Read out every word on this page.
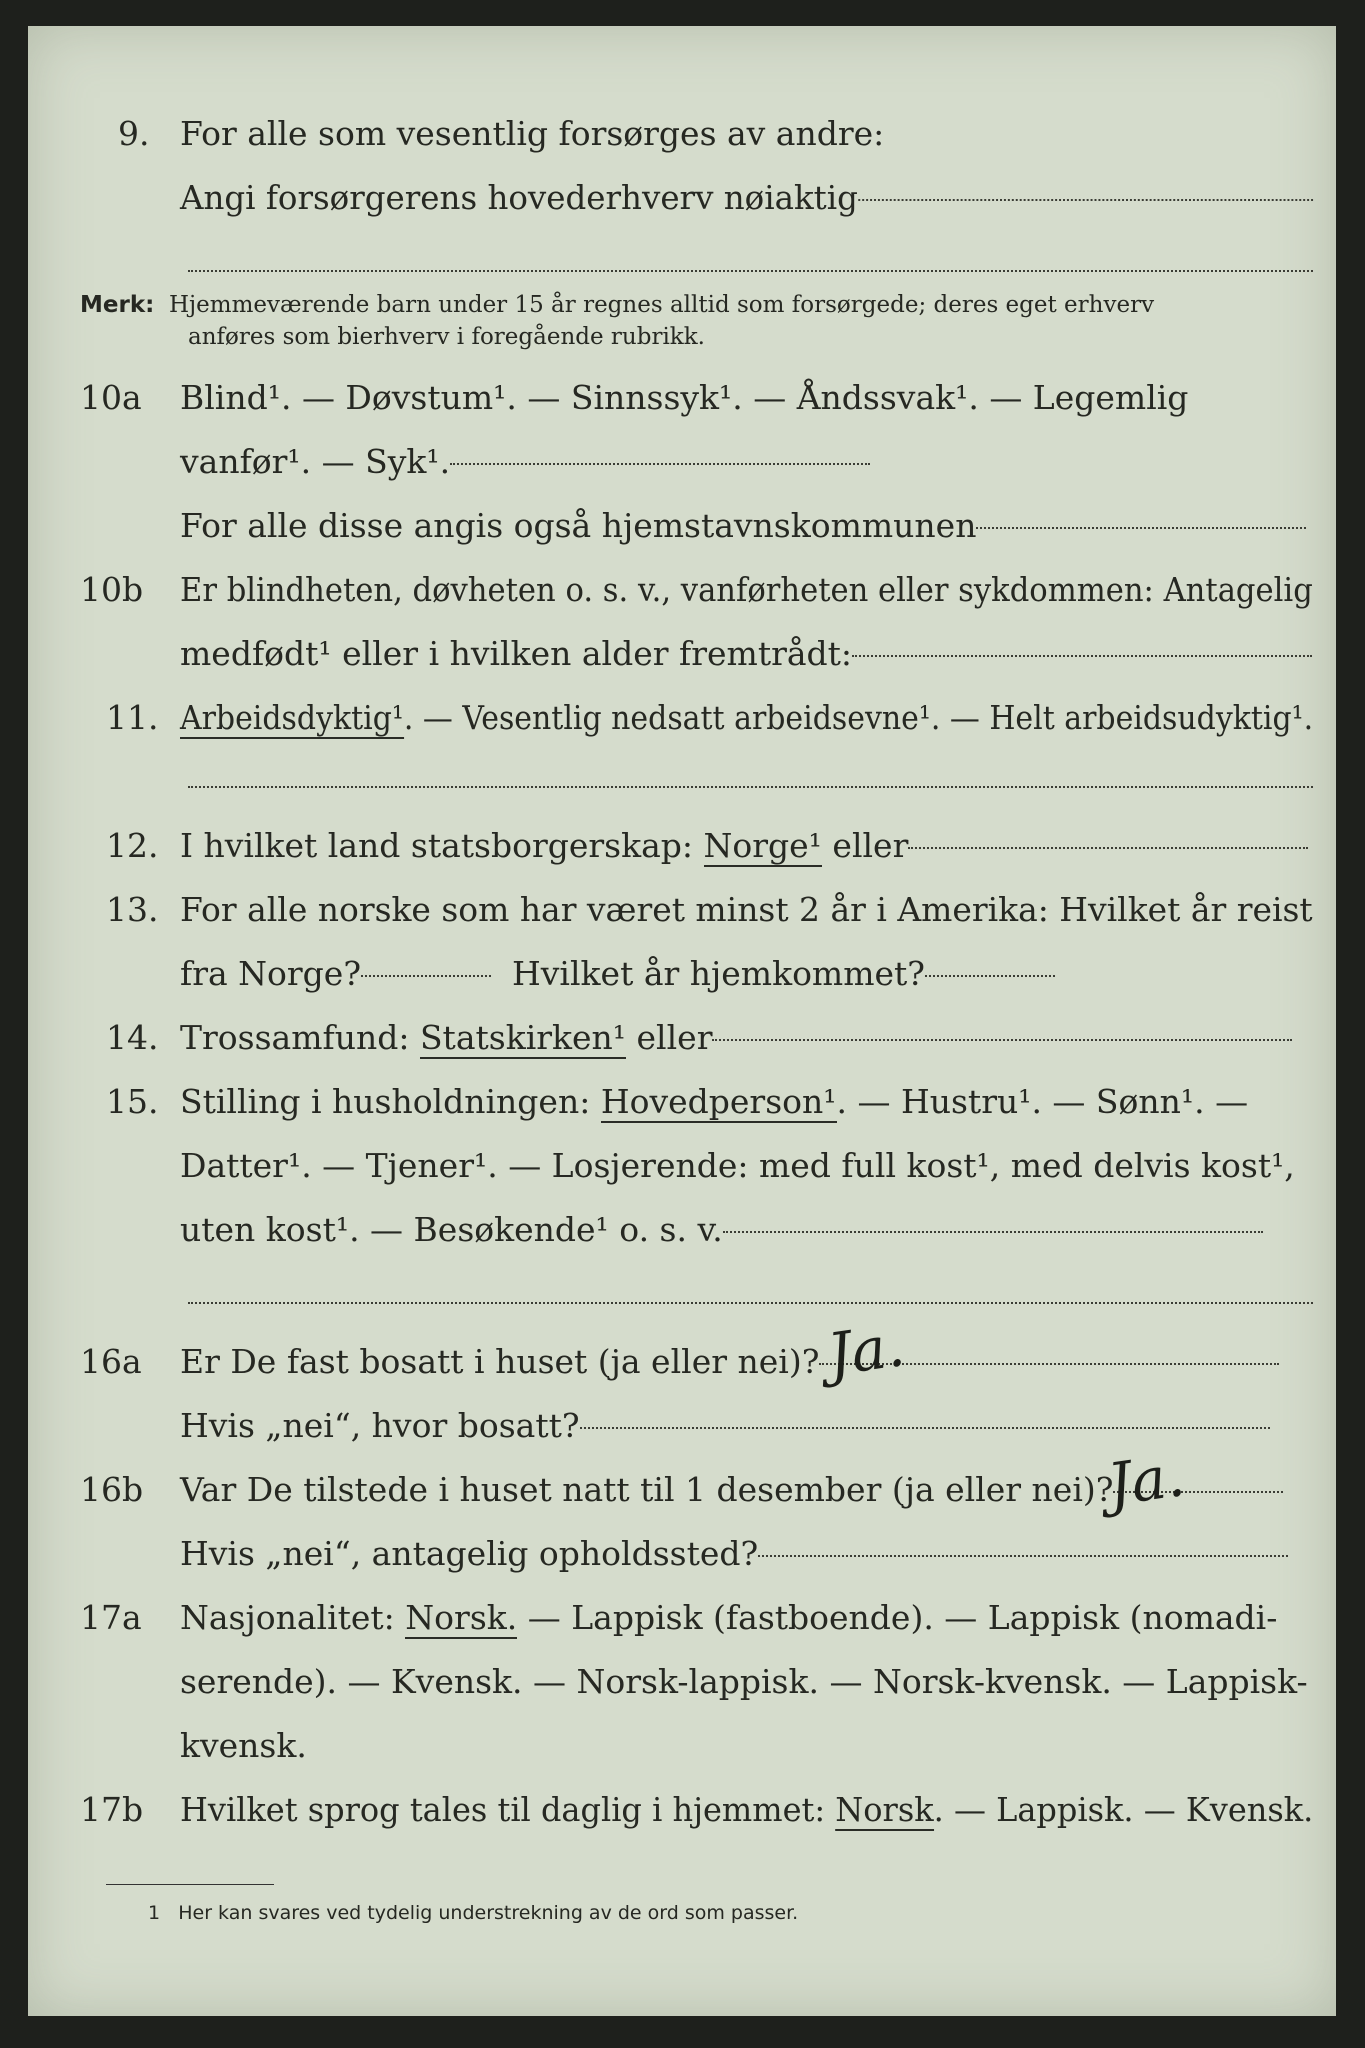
9. For alle som vesentlig forsørges av andre:
Angi forsørgerens hovederhverv nøiaktig
Merk: Hjemmeværende barn under 15 år regnes alltid som forsørgede; deres eget erhverv
anføres som bierhverv i foregående rubrikk.
10a Blind¹. — Døvstum¹. — Sinnssyk¹. — Åndssvak¹. — Legemlig
vanfør¹. — Syk¹.
For alle disse angis også hjemstavnskommunen
10b Er blindheten, døvheten o. s. v., vanførheten eller sykdommen: Antagelig
medfødt¹ eller i hvilken alder fremtrådt:
11. Arbeidsdyktig¹. — Vesentlig nedsatt arbeidsevne¹. — Helt arbeidsudyktig¹.
12. I hvilket land statsborgerskap: Norge¹ eller
13. For alle norske som har været minst 2 år i Amerika: Hvilket år reist
fra Norge?	Hvilket år hjemkommet?
14. Trossamfund: Statskirken¹ eller
15. Stilling i husholdningen: Hovedperson¹. — Hustru¹. — Sønn¹. —
Datter¹. — Tjener¹. — Losjerende: med full kost¹, med delvis kost¹,
uten kost¹. — Besøkende¹ o. s. v.
16a Er De fast bosatt i huset (ja eller nei)? Ja.
Hvis „nei“, hvor bosatt?
16b Var De tilstede i huset natt til 1 desember (ja eller nei)?
Ja.
Hvis „nei“, antagelig opholdssted?
17a Nasjonalitet: Norsk. — Lappisk (fastboende). — Lappisk (nomadi-
serende). — Kvensk. — Norsk-lappisk. — Norsk-kvensk. — Lappisk-
kvensk.
17b Hvilket sprog tales til daglig i hjemmet: Norsk. — Lappisk. — Kvensk.
1 Her kan svares ved tydelig understrekning av de ord som passer.
